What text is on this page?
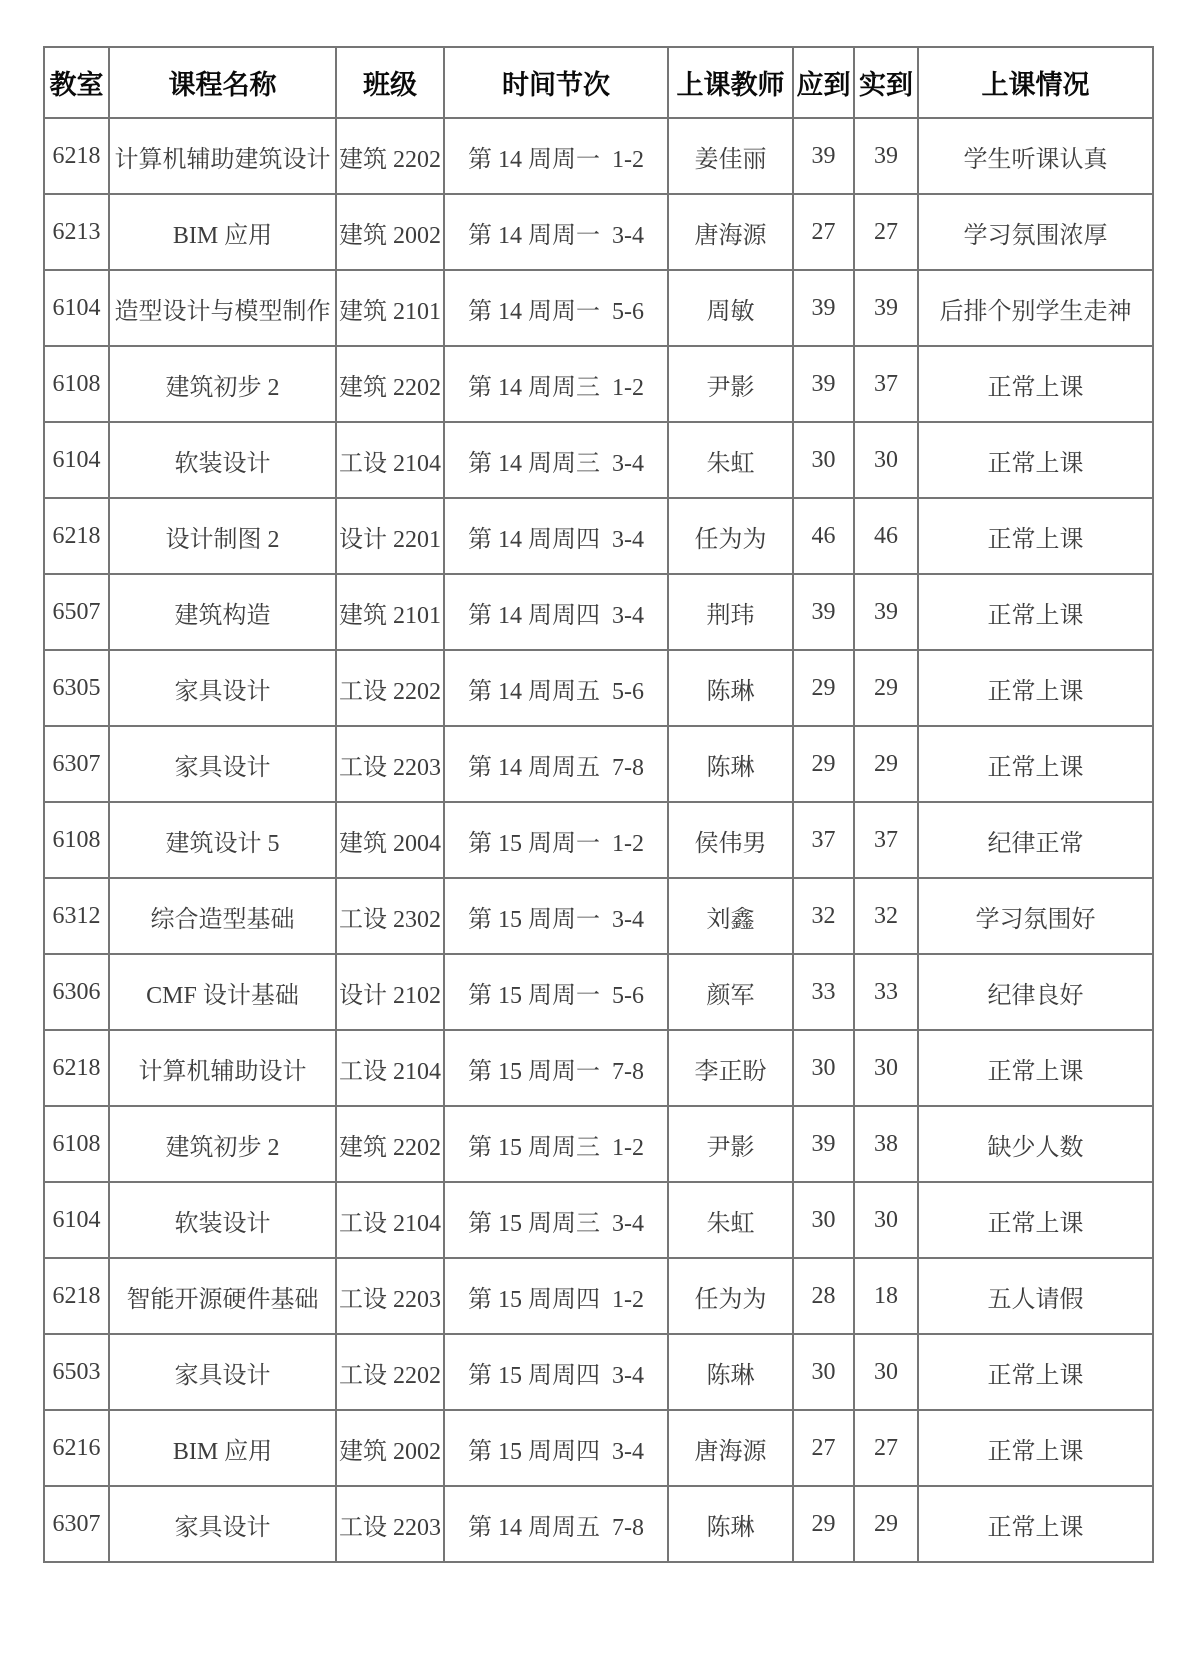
教室	课程名称	班级	时间节次	上课教师	应到	实到	上课情况
6218	计算机辅助建筑设计	建筑 2202	第 14 周周一  1-2	姜佳丽	39	39	学生听课认真
6213	BIM 应用	建筑 2002	第 14 周周一  3-4	唐海源	27	27	学习氛围浓厚
6104	造型设计与模型制作	建筑 2101	第 14 周周一  5-6	周敏	39	39	后排个别学生走神
6108	建筑初步 2	建筑 2202	第 14 周周三  1-2	尹影	39	37	正常上课
6104	软装设计	工设 2104	第 14 周周三  3-4	朱虹	30	30	正常上课
6218	设计制图 2	设计 2201	第 14 周周四  3-4	任为为	46	46	正常上课
6507	建筑构造	建筑 2101	第 14 周周四  3-4	荆玮	39	39	正常上课
6305	家具设计	工设 2202	第 14 周周五  5-6	陈琳	29	29	正常上课
6307	家具设计	工设 2203	第 14 周周五  7-8	陈琳	29	29	正常上课
6108	建筑设计 5	建筑 2004	第 15 周周一  1-2	侯伟男	37	37	纪律正常
6312	综合造型基础	工设 2302	第 15 周周一  3-4	刘鑫	32	32	学习氛围好
6306	CMF 设计基础	设计 2102	第 15 周周一  5-6	颜军	33	33	纪律良好
6218	计算机辅助设计	工设 2104	第 15 周周一  7-8	李正盼	30	30	正常上课
6108	建筑初步 2	建筑 2202	第 15 周周三  1-2	尹影	39	38	缺少人数
6104	软装设计	工设 2104	第 15 周周三  3-4	朱虹	30	30	正常上课
6218	智能开源硬件基础	工设 2203	第 15 周周四  1-2	任为为	28	18	五人请假
6503	家具设计	工设 2202	第 15 周周四  3-4	陈琳	30	30	正常上课
6216	BIM 应用	建筑 2002	第 15 周周四  3-4	唐海源	27	27	正常上课
6307	家具设计	工设 2203	第 14 周周五  7-8	陈琳	29	29	正常上课
